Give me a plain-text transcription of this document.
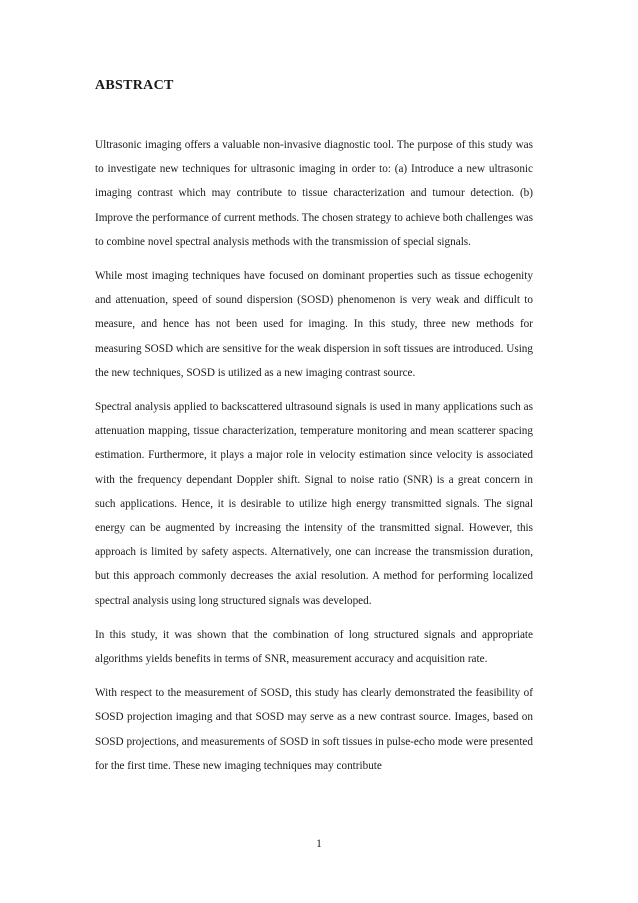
ABSTRACT

Ultrasonic imaging offers a valuable non-invasive diagnostic tool. The purpose of this study was to investigate new techniques for ultrasonic imaging in order to: (a) Introduce a new ultrasonic imaging contrast which may contribute to tissue characterization and tumour detection. (b) Improve the performance of current methods. The chosen strategy to achieve both challenges was to combine novel spectral analysis methods with the transmission of special signals.

While most imaging techniques have focused on dominant properties such as tissue echogenity and attenuation, speed of sound dispersion (SOSD) phenomenon is very weak and difficult to measure, and hence has not been used for imaging. In this study, three new methods for measuring SOSD which are sensitive for the weak dispersion in soft tissues are introduced. Using the new techniques, SOSD is utilized as a new imaging contrast source.

Spectral analysis applied to backscattered ultrasound signals is used in many applications such as attenuation mapping, tissue characterization, temperature monitoring and mean scatterer spacing estimation. Furthermore, it plays a major role in velocity estimation since velocity is associated with the frequency dependant Doppler shift. Signal to noise ratio (SNR) is a great concern in such applications. Hence, it is desirable to utilize high energy transmitted signals. The signal energy can be augmented by increasing the intensity of the transmitted signal. However, this approach is limited by safety aspects. Alternatively, one can increase the transmission duration, but this approach commonly decreases the axial resolution. A method for performing localized spectral analysis using long structured signals was developed.

In this study, it was shown that the combination of long structured signals and appropriate algorithms yields benefits in terms of SNR, measurement accuracy and acquisition rate.

With respect to the measurement of SOSD, this study has clearly demonstrated the feasibility of SOSD projection imaging and that SOSD may serve as a new contrast source. Images, based on SOSD projections, and measurements of SOSD in soft tissues in pulse-echo mode were presented for the first time. These new imaging techniques may contribute

1
